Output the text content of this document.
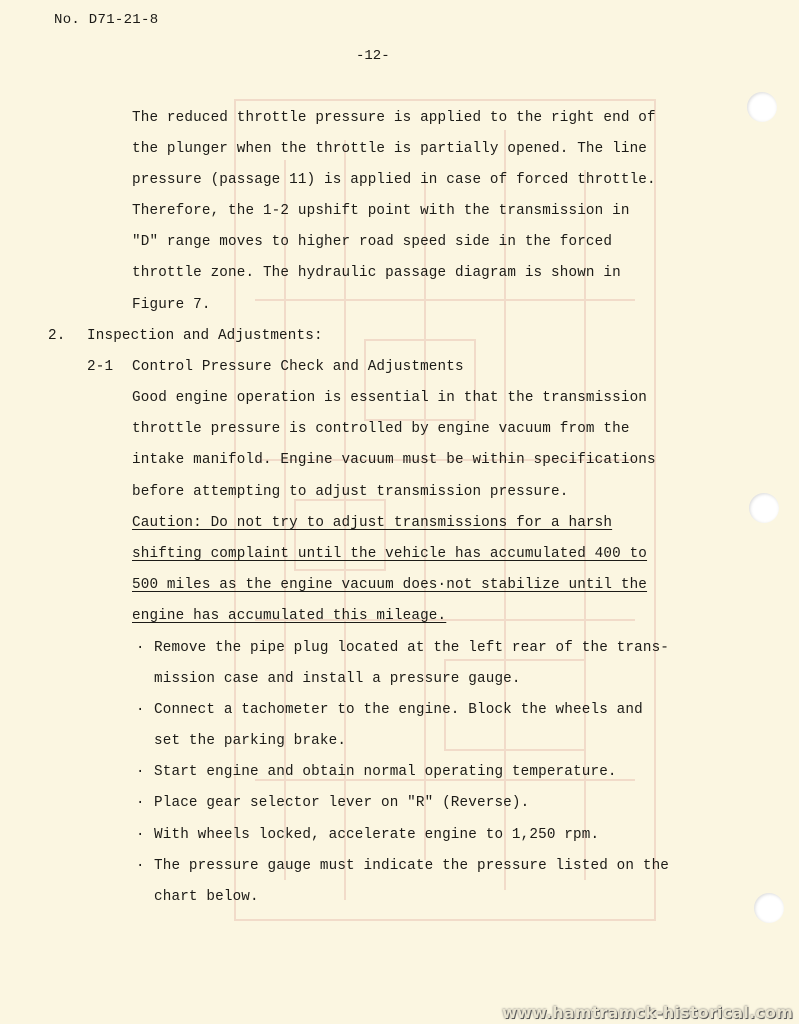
No. D71-21-8
-12-
The reduced throttle pressure is applied to the right end of
the plunger when the throttle is partially opened. The line
pressure (passage 11) is applied in case of forced throttle.
Therefore, the 1-2 upshift point with the transmission in
"D" range moves to higher road speed side in the forced
throttle zone. The hydraulic passage diagram is shown in
Figure 7.
2. Inspection and Adjustments:
2-1 Control Pressure Check and Adjustments
Good engine operation is essential in that the transmission
throttle pressure is controlled by engine vacuum from the
intake manifold. Engine vacuum must be within specifications
before attempting to adjust transmission pressure.
Caution: Do not try to adjust transmissions for a harsh
shifting complaint until the vehicle has accumulated 400 to
500 miles as the engine vacuum does·not stabilize until the
engine has accumulated this mileage.
· Remove the pipe plug located at the left rear of the trans-
mission case and install a pressure gauge.
· Connect a tachometer to the engine. Block the wheels and
set the parking brake.
· Start engine and obtain normal operating temperature.
· Place gear selector lever on "R" (Reverse).
· With wheels locked, accelerate engine to 1,250 rpm.
· The pressure gauge must indicate the pressure listed on the
chart below.
www.hamtramck-historical.com
